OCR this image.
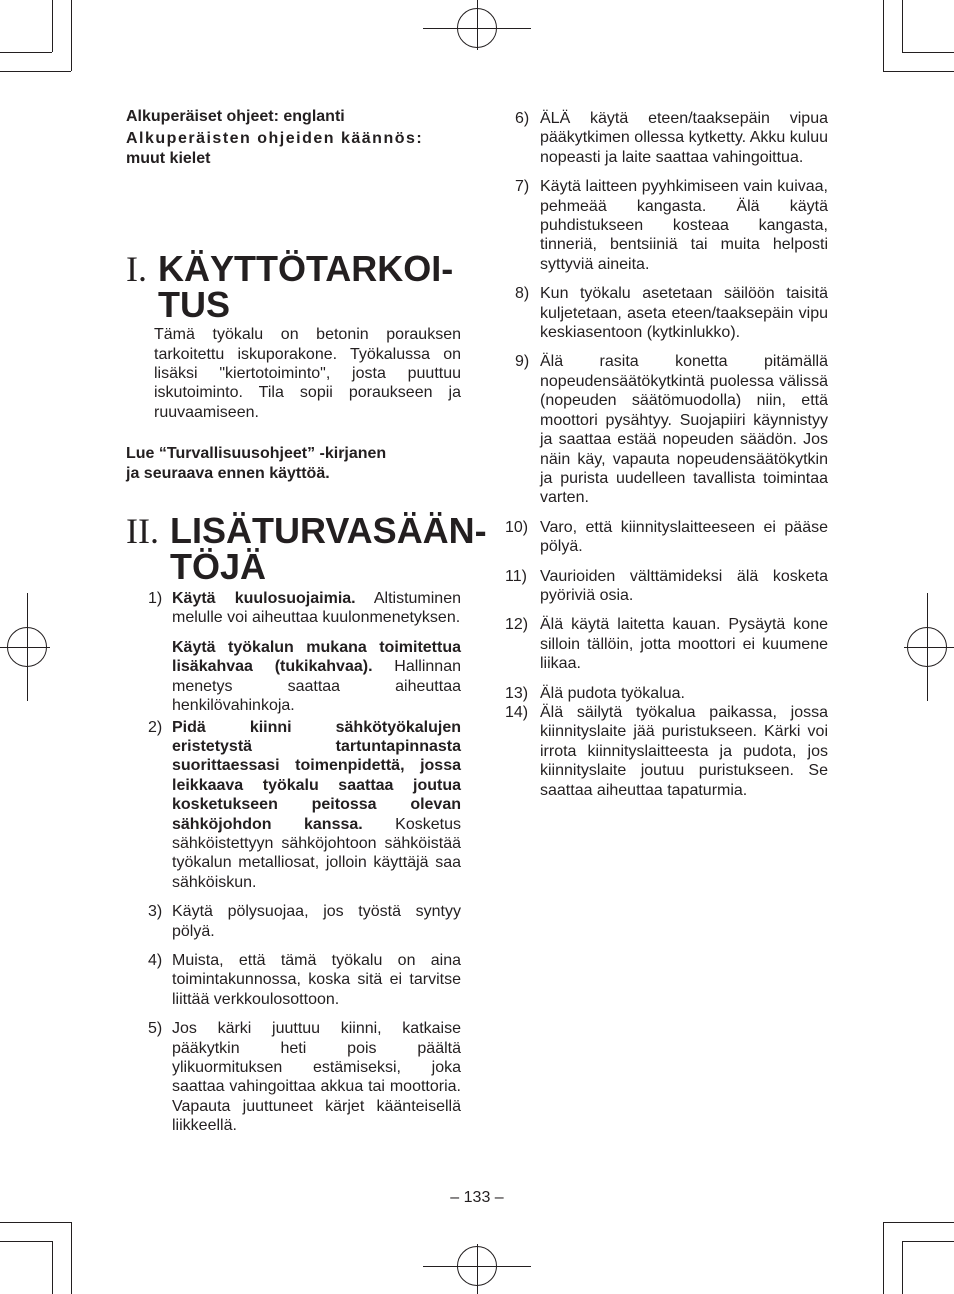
Alkuperäiset ohjeet: englanti

Alkuperäisten ohjeiden käännös:

muut kielet

I. KÄYTTÖTARKOI-
TUS

Tämä työkalu on betonin porauksen tarkoitettu iskuporakone. Työkalussa on lisäksi "kiertotoiminto", josta puuttuu iskutoiminto. Tila sopii poraukseen ja ruuvaamiseen.

Lue “Turvallisuusohjeet” -kirjanen
ja seuraava ennen käyttöä.

II. LISÄTURVASÄÄN-
TÖJÄ
1) Käytä kuulosuojaimia. Altistuminen melulle voi aiheuttaa kuulonmenetyksen.
Käytä työkalun mukana toimitettua lisäkahvaa (tukikahvaa). Hallinnan menetys saattaa aiheuttaa henkilövahinkoja.
2) Pidä kiinni sähkötyökalujen eristetystä tartuntapinnasta suorittaessasi toimenpidettä, jossa leikkaava työkalu saattaa joutua kosketukseen peitossa olevan sähköjohdon kanssa. Kosketus sähköistettyyn sähköjohtoon sähköistää työkalun metalliosat, jolloin käyttäjä saa sähköiskun.
3) Käytä pölysuojaa, jos työstä syntyy pölyä.
4) Muista, että tämä työkalu on aina toimintakunnossa, koska sitä ei tarvitse liittää verkkoulosottoon.
5) Jos kärki juuttuu kiinni, katkaise pääkytkin heti pois päältä ylikuormituksen estämiseksi, joka saattaa vahingoittaa akkua tai moottoria. Vapauta juuttuneet kärjet käänteisellä liikkeellä.
6) ÄLÄ käytä eteen/taaksepäin vipua pääkytkimen ollessa kytketty. Akku kuluu nopeasti ja laite saattaa vahingoittua.
7) Käytä laitteen pyyhkimiseen vain kuivaa, pehmeää kangasta. Älä käytä puhdistukseen kosteaa kangasta, tinneriä, bentsiiniä tai muita helposti syttyviä aineita.
8) Kun työkalu asetetaan säilöön taisitä kuljetetaan, aseta eteen/taaksepäin vipu keskiasentoon (kytkinlukko).
9) Älä rasita konetta pitämällä nopeudensäätökytkintä puolessa välissä (nopeuden säätömuodolla) niin, että moottori pysähtyy. Suojapiiri käynnistyy ja saattaa estää nopeuden säädön. Jos näin käy, vapauta nopeudensäätökytkin ja purista uudelleen tavallista toimintaa varten.
10) Varo, että kiinnityslaitteeseen ei pääse pölyä.
11) Vaurioiden välttämideksi älä kosketa pyöriviä osia.
12) Älä käytä laitetta kauan. Pysäytä kone silloin tällöin, jotta moottori ei kuumene liikaa.
13) Älä pudota työkalua.
14) Älä säilytä työkalua paikassa, jossa kiinnityslaite jää puristukseen. Kärki voi irrota kiinnityslaitteesta ja pudota, jos kiinnityslaite joutuu puristukseen. Se saattaa aiheuttaa tapaturmia.
– 133 –
